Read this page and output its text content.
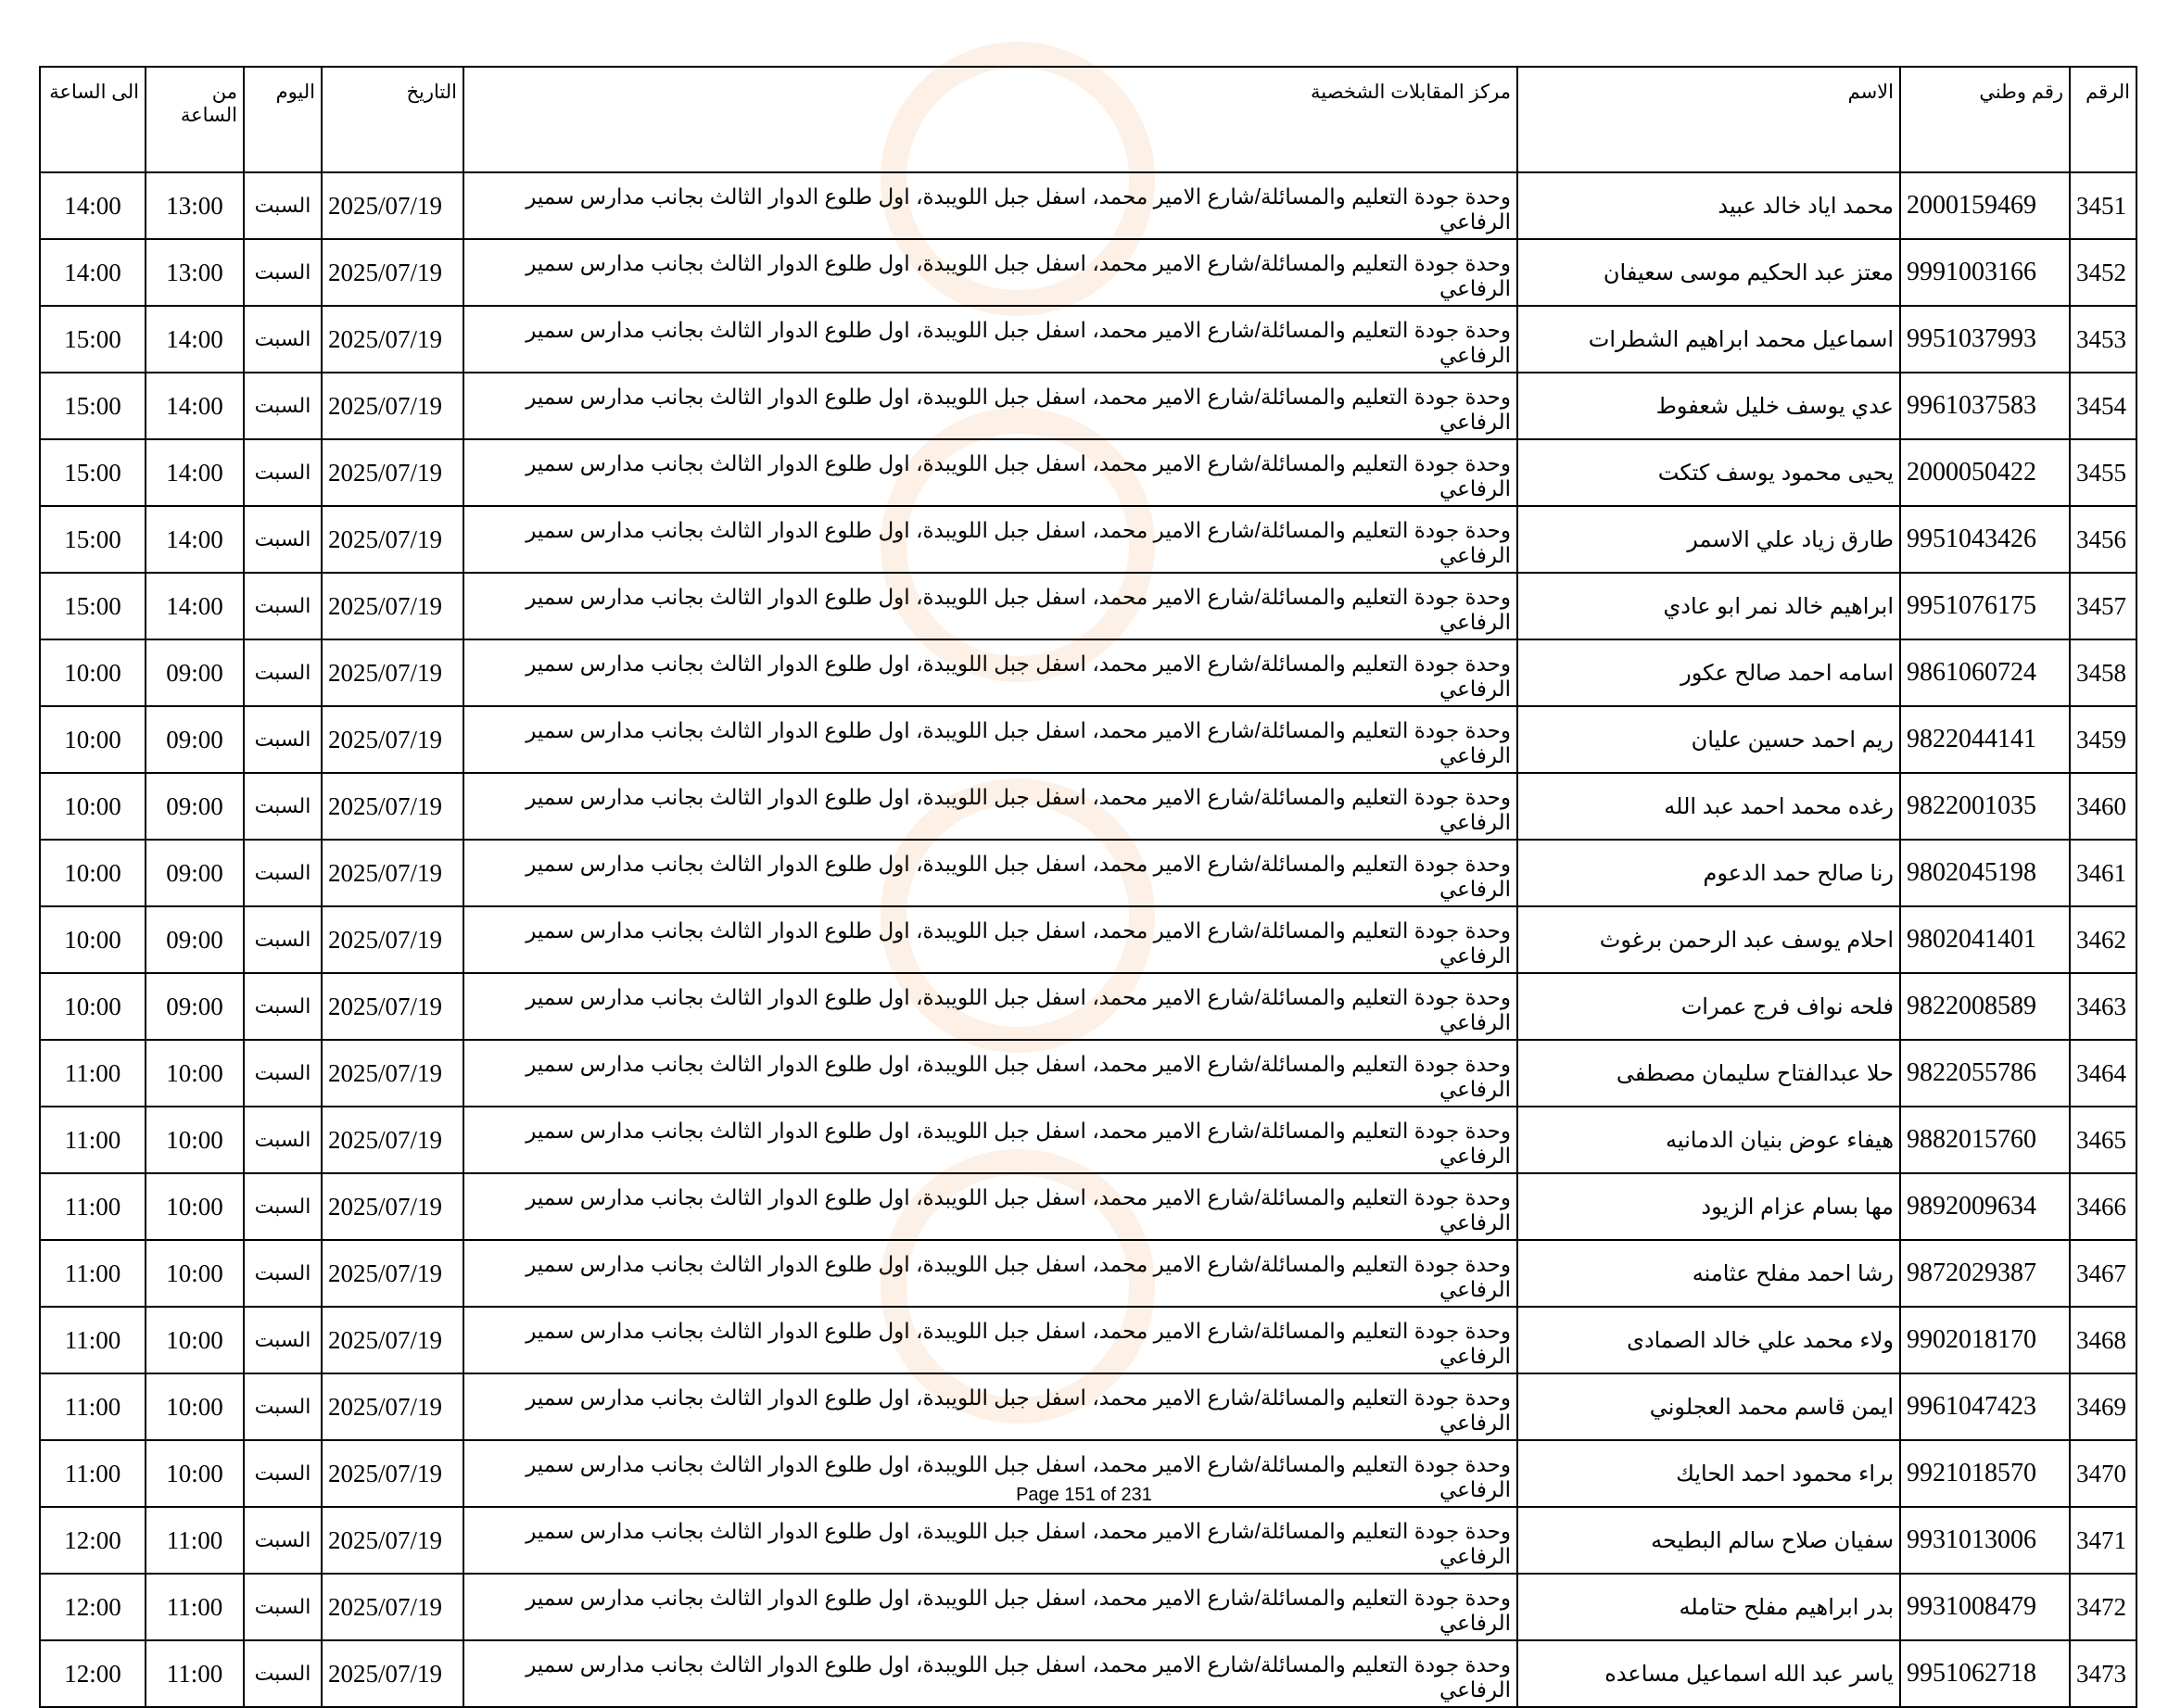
الرقم	رقم وطني	الاسم	مركز المقابلات الشخصية	التاريخ	اليوم	من الساعة	الى الساعة
3451	2000159469	محمد اياد خالد عبيد	وحدة جودة التعليم والمسائلة/شارع الامير محمد، اسفل جبل اللويبدة، اول طلوع الدوار الثالث بجانب مدارس سمير الرفاعي	2025/07/19	السبت	13:00	14:00
3452	9991003166	معتز عبد الحكيم موسى سعيفان	وحدة جودة التعليم والمسائلة/شارع الامير محمد، اسفل جبل اللويبدة، اول طلوع الدوار الثالث بجانب مدارس سمير الرفاعي	2025/07/19	السبت	13:00	14:00
3453	9951037993	اسماعيل محمد ابراهيم الشطرات	وحدة جودة التعليم والمسائلة/شارع الامير محمد، اسفل جبل اللويبدة، اول طلوع الدوار الثالث بجانب مدارس سمير الرفاعي	2025/07/19	السبت	14:00	15:00
3454	9961037583	عدي يوسف خليل شعفوط	وحدة جودة التعليم والمسائلة/شارع الامير محمد، اسفل جبل اللويبدة، اول طلوع الدوار الثالث بجانب مدارس سمير الرفاعي	2025/07/19	السبت	14:00	15:00
3455	2000050422	يحيى محمود يوسف كتكت	وحدة جودة التعليم والمسائلة/شارع الامير محمد، اسفل جبل اللويبدة، اول طلوع الدوار الثالث بجانب مدارس سمير الرفاعي	2025/07/19	السبت	14:00	15:00
3456	9951043426	طارق زياد علي الاسمر	وحدة جودة التعليم والمسائلة/شارع الامير محمد، اسفل جبل اللويبدة، اول طلوع الدوار الثالث بجانب مدارس سمير الرفاعي	2025/07/19	السبت	14:00	15:00
3457	9951076175	ابراهيم خالد نمر ابو عادي	وحدة جودة التعليم والمسائلة/شارع الامير محمد، اسفل جبل اللويبدة، اول طلوع الدوار الثالث بجانب مدارس سمير الرفاعي	2025/07/19	السبت	14:00	15:00
3458	9861060724	اسامه احمد صالح عكور	وحدة جودة التعليم والمسائلة/شارع الامير محمد، اسفل جبل اللويبدة، اول طلوع الدوار الثالث بجانب مدارس سمير الرفاعي	2025/07/19	السبت	09:00	10:00
3459	9822044141	ريم احمد حسين عليان	وحدة جودة التعليم والمسائلة/شارع الامير محمد، اسفل جبل اللويبدة، اول طلوع الدوار الثالث بجانب مدارس سمير الرفاعي	2025/07/19	السبت	09:00	10:00
3460	9822001035	رغده محمد احمد عبد الله	وحدة جودة التعليم والمسائلة/شارع الامير محمد، اسفل جبل اللويبدة، اول طلوع الدوار الثالث بجانب مدارس سمير الرفاعي	2025/07/19	السبت	09:00	10:00
3461	9802045198	رنا صالح حمد الدعوم	وحدة جودة التعليم والمسائلة/شارع الامير محمد، اسفل جبل اللويبدة، اول طلوع الدوار الثالث بجانب مدارس سمير الرفاعي	2025/07/19	السبت	09:00	10:00
3462	9802041401	احلام يوسف عبد الرحمن برغوث	وحدة جودة التعليم والمسائلة/شارع الامير محمد، اسفل جبل اللويبدة، اول طلوع الدوار الثالث بجانب مدارس سمير الرفاعي	2025/07/19	السبت	09:00	10:00
3463	9822008589	فلحه نواف فرج عمرات	وحدة جودة التعليم والمسائلة/شارع الامير محمد، اسفل جبل اللويبدة، اول طلوع الدوار الثالث بجانب مدارس سمير الرفاعي	2025/07/19	السبت	09:00	10:00
3464	9822055786	حلا عبدالفتاح سليمان مصطفى	وحدة جودة التعليم والمسائلة/شارع الامير محمد، اسفل جبل اللويبدة، اول طلوع الدوار الثالث بجانب مدارس سمير الرفاعي	2025/07/19	السبت	10:00	11:00
3465	9882015760	هيفاء عوض بنيان الدمانيه	وحدة جودة التعليم والمسائلة/شارع الامير محمد، اسفل جبل اللويبدة، اول طلوع الدوار الثالث بجانب مدارس سمير الرفاعي	2025/07/19	السبت	10:00	11:00
3466	9892009634	مها بسام عزام الزيود	وحدة جودة التعليم والمسائلة/شارع الامير محمد، اسفل جبل اللويبدة، اول طلوع الدوار الثالث بجانب مدارس سمير الرفاعي	2025/07/19	السبت	10:00	11:00
3467	9872029387	رشا احمد مفلح عثامنه	وحدة جودة التعليم والمسائلة/شارع الامير محمد، اسفل جبل اللويبدة، اول طلوع الدوار الثالث بجانب مدارس سمير الرفاعي	2025/07/19	السبت	10:00	11:00
3468	9902018170	ولاء محمد علي خالد الصمادى	وحدة جودة التعليم والمسائلة/شارع الامير محمد، اسفل جبل اللويبدة، اول طلوع الدوار الثالث بجانب مدارس سمير الرفاعي	2025/07/19	السبت	10:00	11:00
3469	9961047423	ايمن قاسم محمد العجلوني	وحدة جودة التعليم والمسائلة/شارع الامير محمد، اسفل جبل اللويبدة، اول طلوع الدوار الثالث بجانب مدارس سمير الرفاعي	2025/07/19	السبت	10:00	11:00
3470	9921018570	براء محمود احمد الحايك	وحدة جودة التعليم والمسائلة/شارع الامير محمد، اسفل جبل اللويبدة، اول طلوع الدوار الثالث بجانب مدارس سمير الرفاعي	2025/07/19	السبت	10:00	11:00
3471	9931013006	سفيان صلاح سالم البطيحه	وحدة جودة التعليم والمسائلة/شارع الامير محمد، اسفل جبل اللويبدة، اول طلوع الدوار الثالث بجانب مدارس سمير الرفاعي	2025/07/19	السبت	11:00	12:00
3472	9931008479	بدر ابراهيم مفلح حتامله	وحدة جودة التعليم والمسائلة/شارع الامير محمد، اسفل جبل اللويبدة، اول طلوع الدوار الثالث بجانب مدارس سمير الرفاعي	2025/07/19	السبت	11:00	12:00
3473	9951062718	ياسر عبد الله اسماعيل مساعده	وحدة جودة التعليم والمسائلة/شارع الامير محمد، اسفل جبل اللويبدة، اول طلوع الدوار الثالث بجانب مدارس سمير الرفاعي	2025/07/19	السبت	11:00	12:00
Page 151 of 231
